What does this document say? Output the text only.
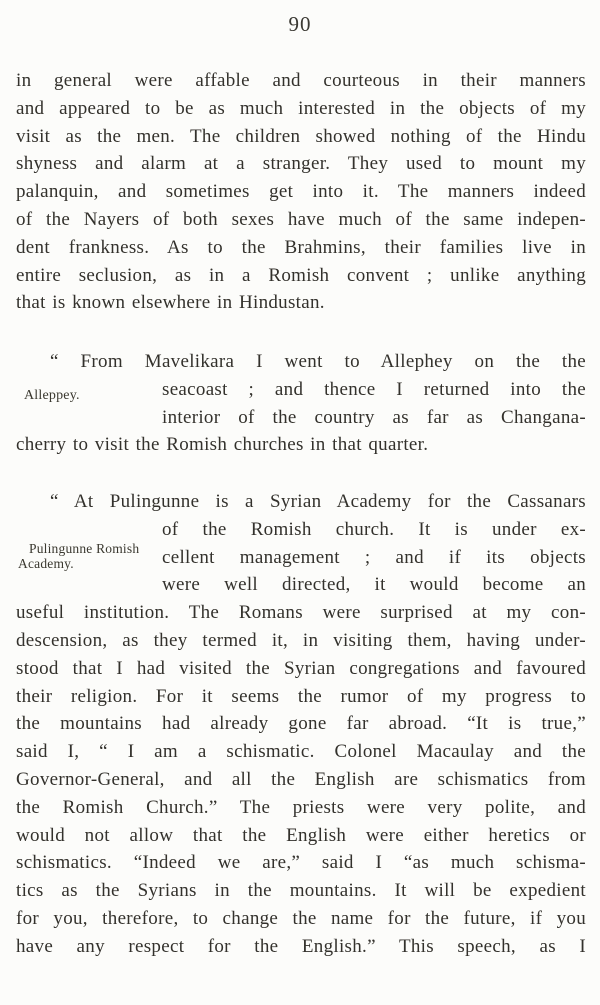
90
in general were affable and courteous in their manners
and appeared to be as much interested in the objects of my
visit as the men. The children showed nothing of the Hindu
shyness and alarm at a stranger. They used to mount my
palanquin, and sometimes get into it. The manners indeed
of the Nayers of both sexes have much of the same indepen-
dent frankness. As to the Brahmins, their families live in
entire seclusion, as in a Romish convent ; unlike anything
that is known elsewhere in Hindustan.
Alleppey.
“ From Mavelikara I went to Allephey on the the
seacoast ; and thence I returned into the
interior of the country as far as Changana-
cherry to visit the Romish churches in that quarter.
Pulingunne Romish
Academy.
“ At Pulingunne is a Syrian Academy for the Cassanars
of the Romish church. It is under ex-
cellent management ; and if its objects
were well directed, it would become an
useful institution. The Romans were surprised at my con-
descension, as they termed it, in visiting them, having under-
stood that I had visited the Syrian congregations and favoured
their religion. For it seems the rumor of my progress to
the mountains had already gone far abroad. “It is true,”
said I, “ I am a schismatic. Colonel Macaulay and the
Governor-General, and all the English are schismatics from
the Romish Church.” The priests were very polite, and
would not allow that the English were either heretics or
schismatics. “Indeed we are,” said I “as much schisma-
tics as the Syrians in the mountains. It will be expedient
for you, therefore, to change the name for the future, if you
have any respect for the English.” This speech, as I
